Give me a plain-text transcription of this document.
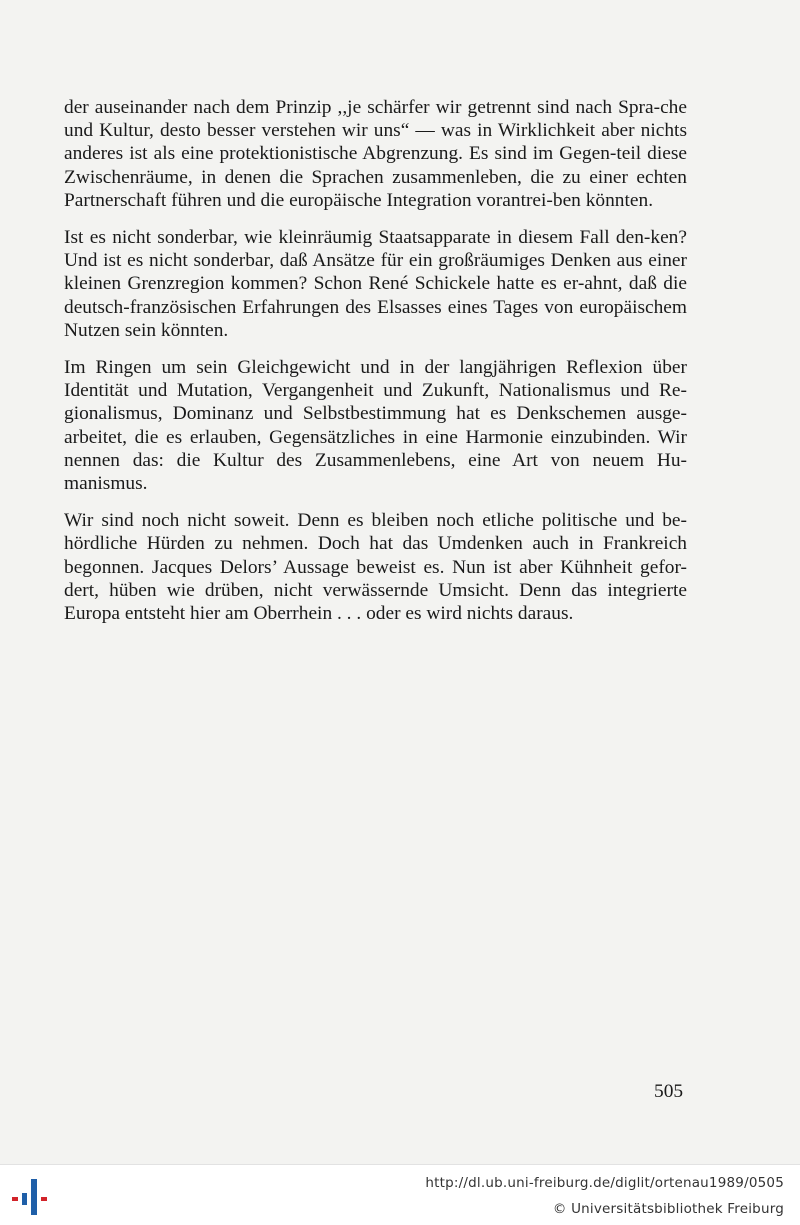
der auseinander nach dem Prinzip ,,je schärfer wir getrennt sind nach Spra-che und Kultur, desto besser verstehen wir uns“ — was in Wirklichkeit aber nichts anderes ist als eine protektionistische Abgrenzung. Es sind im Gegen-teil diese Zwischenräume, in denen die Sprachen zusammenleben, die zu einer echten Partnerschaft führen und die europäische Integration vorantrei-ben könnten.

Ist es nicht sonderbar, wie kleinräumig Staatsapparate in diesem Fall den-ken? Und ist es nicht sonderbar, daß Ansätze für ein großräumiges Denken aus einer kleinen Grenzregion kommen? Schon René Schickele hatte es er-ahnt, daß die deutsch-französischen Erfahrungen des Elsasses eines Tages von europäischem Nutzen sein könnten.

Im Ringen um sein Gleichgewicht und in der langjährigen Reflexion über Identität und Mutation, Vergangenheit und Zukunft, Nationalismus und Re-gionalismus, Dominanz und Selbstbestimmung hat es Denkschemen ausge-arbeitet, die es erlauben, Gegensätzliches in eine Harmonie einzubinden. Wir nennen das: die Kultur des Zusammenlebens, eine Art von neuem Hu-manismus.

Wir sind noch nicht soweit. Denn es bleiben noch etliche politische und be-hördliche Hürden zu nehmen. Doch hat das Umdenken auch in Frankreich begonnen. Jacques Delors’ Aussage beweist es. Nun ist aber Kühnheit gefor-dert, hüben wie drüben, nicht verwässernde Umsicht. Denn das integrierte Europa entsteht hier am Oberrhein . . . oder es wird nichts daraus.

505
http://dl.ub.uni-freiburg.de/diglit/ortenau1989/0505
© Universitätsbibliothek Freiburg
